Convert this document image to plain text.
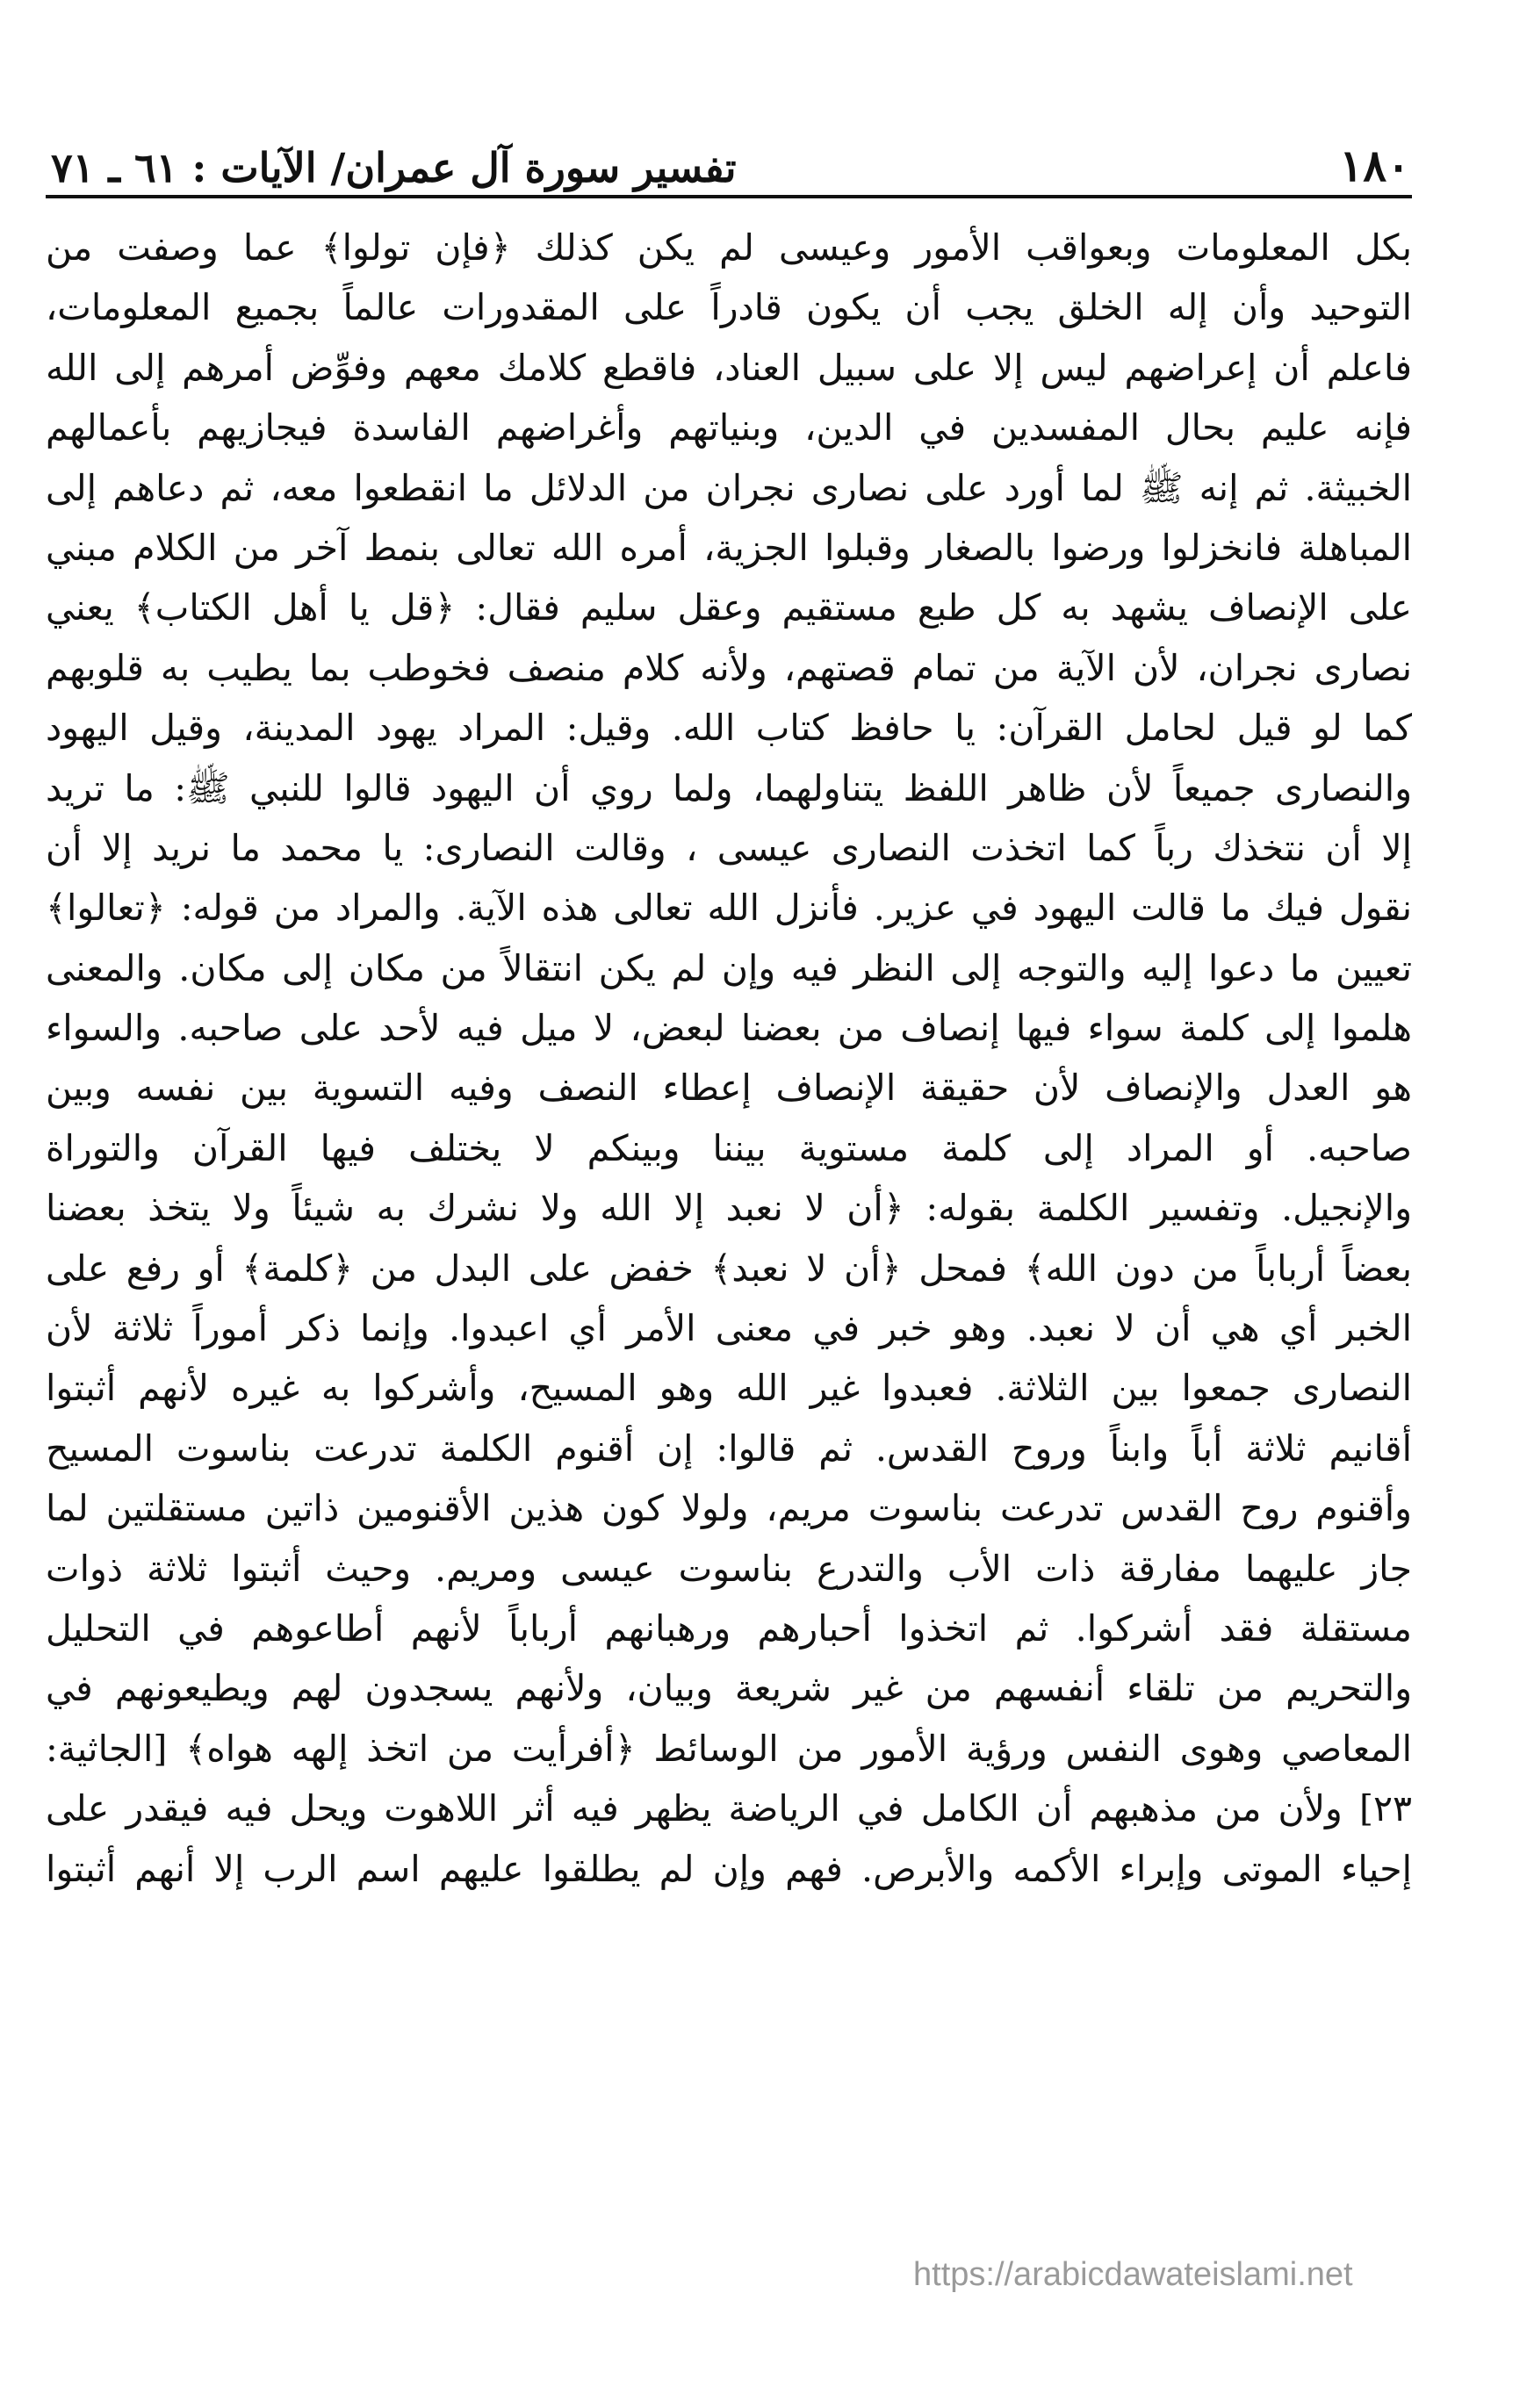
١٨٠
تفسير سورة آل عمران/ الآيات : ٦١ ـ ٧١
بكل المعلومات وبعواقب الأمور وعيسى لم يكن كذلك ﴿فإن تولوا﴾ عما وصفت من
التوحيد وأن إله الخلق يجب أن يكون قادراً على المقدورات عالماً بجميع المعلومات،
فاعلم أن إعراضهم ليس إلا على سبيل العناد، فاقطع كلامك معهم وفوِّض أمرهم إلى الله
فإنه عليم بحال المفسدين في الدين، وبنياتهم وأغراضهم الفاسدة فيجازيهم بأعمالهم
الخبيثة. ثم إنه ﷺ لما أورد على نصارى نجران من الدلائل ما انقطعوا معه، ثم دعاهم إلى
المباهلة فانخزلوا ورضوا بالصغار وقبلوا الجزية، أمره الله تعالى بنمط آخر من الكلام مبني
على الإنصاف يشهد به كل طبع مستقيم وعقل سليم فقال: ﴿قل يا أهل الكتاب﴾ يعني
نصارى نجران، لأن الآية من تمام قصتهم، ولأنه كلام منصف فخوطب بما يطيب به قلوبهم
كما لو قيل لحامل القرآن: يا حافظ كتاب الله. وقيل: المراد يهود المدينة، وقيل اليهود
والنصارى جميعاً لأن ظاهر اللفظ يتناولهما، ولما روي أن اليهود قالوا للنبي ﷺ: ما تريد
إلا أن نتخذك رباً كما اتخذت النصارى عيسى ، وقالت النصارى: يا محمد ما نريد إلا أن
نقول فيك ما قالت اليهود في عزير. فأنزل الله تعالى هذه الآية. والمراد من قوله: ﴿تعالوا﴾
تعيين ما دعوا إليه والتوجه إلى النظر فيه وإن لم يكن انتقالاً من مكان إلى مكان. والمعنى
هلموا إلى كلمة سواء فيها إنصاف من بعضنا لبعض، لا ميل فيه لأحد على صاحبه. والسواء
هو العدل والإنصاف لأن حقيقة الإنصاف إعطاء النصف وفيه التسوية بين نفسه وبين
صاحبه. أو المراد إلى كلمة مستوية بيننا وبينكم لا يختلف فيها القرآن والتوراة
والإنجيل. وتفسير الكلمة بقوله: ﴿أن لا نعبد إلا الله ولا نشرك به شيئاً ولا يتخذ بعضنا
بعضاً أرباباً من دون الله﴾ فمحل ﴿أن لا نعبد﴾ خفض على البدل من ﴿كلمة﴾ أو رفع على
الخبر أي هي أن لا نعبد. وهو خبر في معنى الأمر أي اعبدوا. وإنما ذكر أموراً ثلاثة لأن
النصارى جمعوا بين الثلاثة. فعبدوا غير الله وهو المسيح، وأشركوا به غيره لأنهم أثبتوا
أقانيم ثلاثة أباً وابناً وروح القدس. ثم قالوا: إن أقنوم الكلمة تدرعت بناسوت المسيح
وأقنوم روح القدس تدرعت بناسوت مريم، ولولا كون هذين الأقنومين ذاتين مستقلتين لما
جاز عليهما مفارقة ذات الأب والتدرع بناسوت عيسى ومريم. وحيث أثبتوا ثلاثة ذوات
مستقلة فقد أشركوا. ثم اتخذوا أحبارهم ورهبانهم أرباباً لأنهم أطاعوهم في التحليل
والتحريم من تلقاء أنفسهم من غير شريعة وبيان، ولأنهم يسجدون لهم ويطيعونهم في
المعاصي وهوى النفس ورؤية الأمور من الوسائط ﴿أفرأيت من اتخذ إلهه هواه﴾ [الجاثية:
٢٣] ولأن من مذهبهم أن الكامل في الرياضة يظهر فيه أثر اللاهوت ويحل فيه فيقدر على
إحياء الموتى وإبراء الأكمه والأبرص. فهم وإن لم يطلقوا عليهم اسم الرب إلا أنهم أثبتوا
https://arabicdawateislami.net
